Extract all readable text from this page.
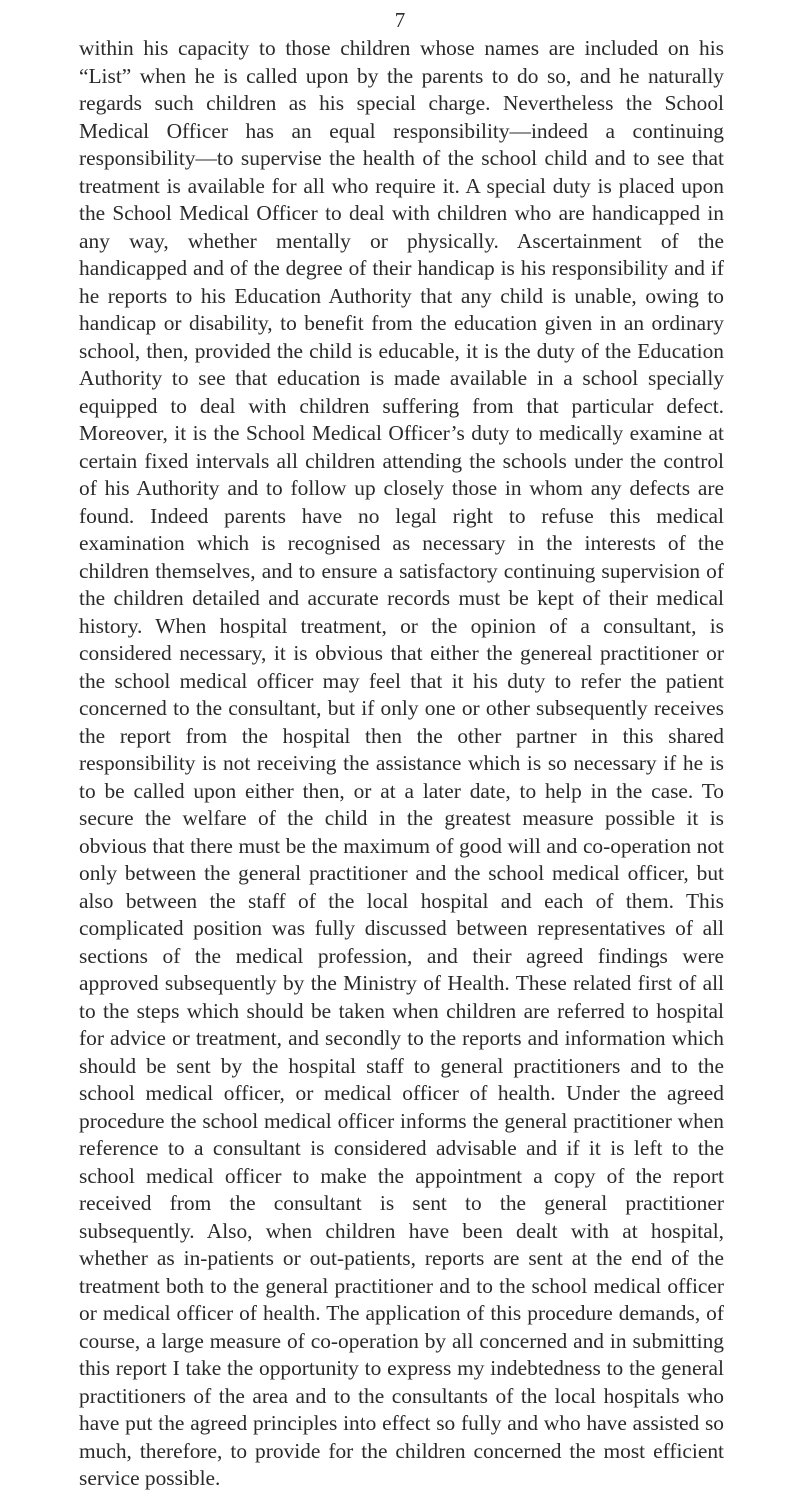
7

within his capacity to those children whose names are included on his “List” when he is called upon by the parents to do so, and he naturally regards such children as his special charge. Nevertheless the School Medical Officer has an equal responsibility—indeed a continuing responsibility—to supervise the health of the school child and to see that treatment is available for all who require it. A special duty is placed upon the School Medical Officer to deal with children who are handicapped in any way, whether mentally or physically. Ascertainment of the handicapped and of the degree of their handicap is his responsibility and if he reports to his Education Authority that any child is unable, owing to handicap or disability, to benefit from the education given in an ordinary school, then, provided the child is educable, it is the duty of the Education Authority to see that education is made available in a school specially equipped to deal with children suffering from that particular defect. Moreover, it is the School Medical Officer’s duty to medically examine at certain fixed intervals all children attending the schools under the control of his Authority and to follow up closely those in whom any defects are found. Indeed parents have no legal right to refuse this medical examination which is recognised as necessary in the interests of the children themselves, and to ensure a satisfactory continuing supervision of the children detailed and accurate records must be kept of their medical history. When hospital treatment, or the opinion of a consultant, is considered necessary, it is obvious that either the genereal practitioner or the school medical officer may feel that it his duty to refer the patient concerned to the consultant, but if only one or other subsequently receives the report from the hospital then the other partner in this shared responsibility is not receiving the assistance which is so necessary if he is to be called upon either then, or at a later date, to help in the case. To secure the welfare of the child in the greatest measure possible it is obvious that there must be the maximum of good will and co-operation not only between the general practitioner and the school medical officer, but also between the staff of the local hospital and each of them. This complicated position was fully discussed between representatives of all sections of the medical profession, and their agreed findings were approved subsequently by the Ministry of Health. These related first of all to the steps which should be taken when children are referred to hospital for advice or treatment, and secondly to the reports and information which should be sent by the hospital staff to general practitioners and to the school medical officer, or medical officer of health. Under the agreed procedure the school medical officer informs the general practitioner when reference to a consultant is considered advisable and if it is left to the school medical officer to make the appointment a copy of the report received from the consultant is sent to the general practitioner subsequently. Also, when children have been dealt with at hospital, whether as in-patients or out-patients, reports are sent at the end of the treatment both to the general practitioner and to the school medical officer or medical officer of health. The application of this procedure demands, of course, a large measure of co-operation by all concerned and in submitting this report I take the opportunity to express my indebtedness to the general practitioners of the area and to the consultants of the local hospitals who have put the agreed principles into effect so fully and who have assisted so much, therefore, to provide for the children concerned the most efficient service possible.
